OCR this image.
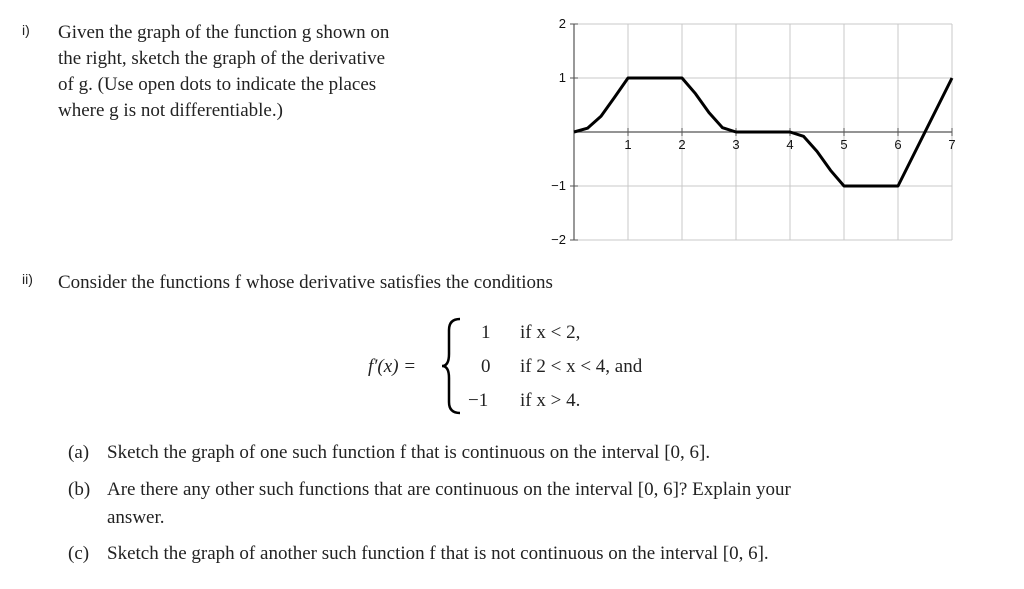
i) Given the graph of the function g shown on
the right, sketch the graph of the derivative
of g. (Use open dots to indicate the places
where g is not differentiable.)
1	2	3	4	5	6	7
2
1
−1
−2
ii) Consider the functions f whose derivative satisfies the conditions
f′(x) =
1 if x < 2,
0 if 2 < x < 4, and
−1 if x > 4.
(a) Sketch the graph of one such function f that is continuous on the interval [0, 6].
(b) Are there any other such functions that are continuous on the interval [0, 6]? Explain your
answer.
(c) Sketch the graph of another such function f that is not continuous on the interval [0, 6].
